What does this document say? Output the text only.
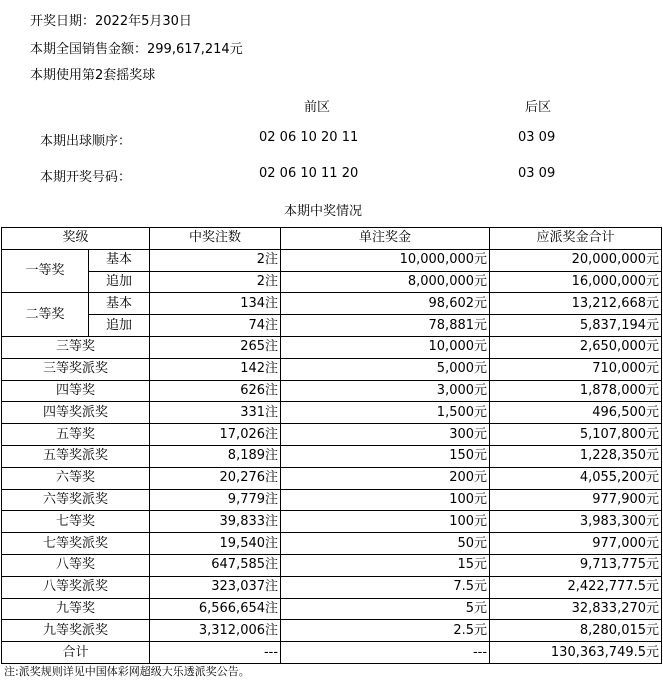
开奖日期：2022年5月30日
本期全国销售金额：299,617,214元
本期使用第2套摇奖球
前区	后区
本期出球顺序：	02 06 10 20 11	03 09
本期开奖号码：	02 06 10 11 20	03 09
本期中奖情况
奖级		中奖注数	单注奖金	应派奖金合计
一等奖	基本	2注	10,000,000元	20,000,000元
	追加	2注	8,000,000元	16,000,000元
二等奖	基本	134注	98,602元	13,212,668元
	追加	74注	78,881元	5,837,194元
三等奖		265注	10,000元	2,650,000元
三等奖派奖		142注	5,000元	710,000元
四等奖		626注	3,000元	1,878,000元
四等奖派奖		331注	1,500元	496,500元
五等奖		17,026注	300元	5,107,800元
五等奖派奖		8,189注	150元	1,228,350元
六等奖		20,276注	200元	4,055,200元
六等奖派奖		9,779注	100元	977,900元
七等奖		39,833注	100元	3,983,300元
七等奖派奖		19,540注	50元	977,000元
八等奖		647,585注	15元	9,713,775元
八等奖派奖		323,037注	7.5元	2,422,777.5元
九等奖		6,566,654注	5元	32,833,270元
九等奖派奖		3,312,006注	2.5元	8,280,015元
合计		---	---	130,363,749.5元
注:派奖规则详见中国体彩网超级大乐透派奖公告。
